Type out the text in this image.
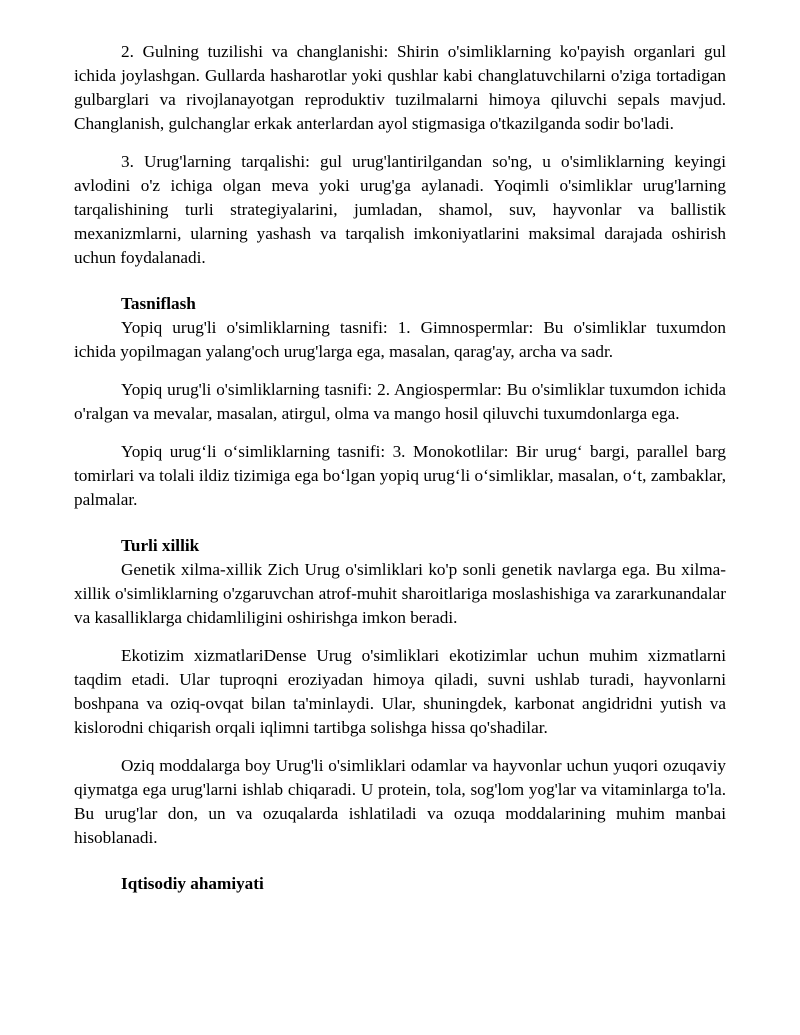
2. Gulning tuzilishi va changlanishi: Shirin o'simliklarning ko'payish organlari gul ichida joylashgan. Gullarda hasharotlar yoki qushlar kabi changlatuvchilarni o'ziga tortadigan gulbarglari va rivojlanayotgan reproduktiv tuzilmalarni himoya qiluvchi sepals mavjud. Changlanish, gulchanglar erkak anterlardan ayol stigmasiga o'tkazilganda sodir bo'ladi.

3. Urug'larning tarqalishi: gul urug'lantirilgandan so'ng, u o'simliklarning keyingi avlodini o'z ichiga olgan meva yoki urug'ga aylanadi. Yoqimli o'simliklar urug'larning tarqalishining turli strategiyalarini, jumladan, shamol, suv, hayvonlar va ballistik mexanizmlarni, ularning yashash va tarqalish imkoniyatlarini maksimal darajada oshirish uchun foydalanadi.

Tasniflash

Yopiq urug'li o'simliklarning tasnifi: 1. Gimnospermlar: Bu o'simliklar tuxumdon ichida yopilmagan yalang'och urug'larga ega, masalan, qarag'ay, archa va sadr.

Yopiq urug'li o'simliklarning tasnifi: 2. Angiospermlar: Bu o'simliklar tuxumdon ichida o'ralgan va mevalar, masalan, atirgul, olma va mango hosil qiluvchi tuxumdonlarga ega.

Yopiq urug‘li o‘simliklarning tasnifi: 3. Monokotlilar: Bir urug‘ bargi, parallel barg tomirlari va tolali ildiz tizimiga ega bo‘lgan yopiq urug‘li o‘simliklar, masalan, o‘t, zambaklar, palmalar.

Turli xillik

Genetik xilma-xillik Zich Urug o'simliklari ko'p sonli genetik navlarga ega. Bu xilma-xillik o'simliklarning o'zgaruvchan atrof-muhit sharoitlariga moslashishiga va zararkunandalar va kasalliklarga chidamliligini oshirishga imkon beradi.

Ekotizim xizmatlariDense Urug o'simliklari ekotizimlar uchun muhim xizmatlarni taqdim etadi. Ular tuproqni eroziyadan himoya qiladi, suvni ushlab turadi, hayvonlarni boshpana va oziq-ovqat bilan ta'minlaydi. Ular, shuningdek, karbonat angidridni yutish va kislorodni chiqarish orqali iqlimni tartibga solishga hissa qo'shadilar.

Oziq moddalarga boy Urug'li o'simliklari odamlar va hayvonlar uchun yuqori ozuqaviy qiymatga ega urug'larni ishlab chiqaradi. U protein, tola, sog'lom yog'lar va vitaminlarga to'la. Bu urug'lar don, un va ozuqalarda ishlatiladi va ozuqa moddalarining muhim manbai hisoblanadi.

Iqtisodiy ahamiyati
